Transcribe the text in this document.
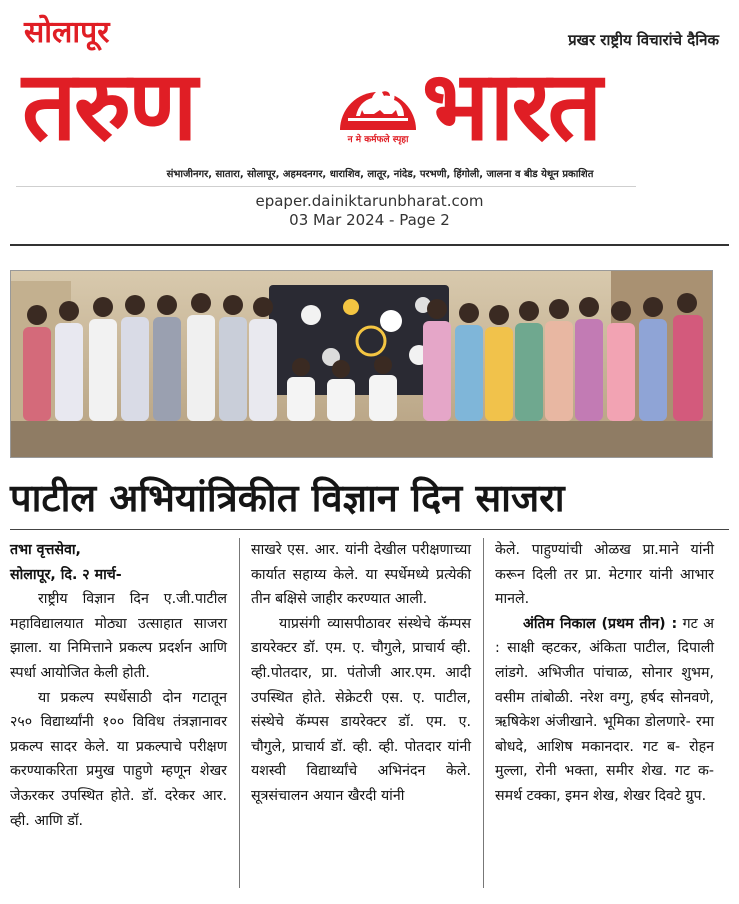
सोलापूर	प्रखर राष्ट्रीय विचारांचे दैनिक
तरुण	न मे कर्मफले स्पृहा भारत
संभाजीनगर, सातारा, सोलापूर, अहमदनगर, धाराशिव, लातूर, नांदेड, परभणी, हिंगोली, जालना व बीड येथून प्रकाशित
epaper.dainiktarunbharat.com
03 Mar 2024 - Page 2
पाटील अभियांत्रिकीत विज्ञान दिन साजरा

तभा वृत्तसेवा,

सोलापूर, दि. २ मार्च-

राष्ट्रीय विज्ञान दिन ए.जी.पाटील महाविद्यालयात मोठ्या उत्साहात साजरा झाला. या निमित्ताने प्रकल्प प्रदर्शन आणि स्पर्धा आयोजित केली होती.

या प्रकल्प स्पर्धेसाठी दोन गटातून २५० विद्यार्थ्यांनी १०० विविध तंत्रज्ञानावर प्रकल्प सादर केले. या प्रकल्पाचे परीक्षण करण्याकरिता प्रमुख पाहुणे म्हणून शेखर जेऊरकर उपस्थित होते. डॉ. दरेकर आर. व्ही. आणि डॉ.

साखरे एस. आर. यांनी देखील परीक्षणाच्या कार्यात सहाय्य केले. या स्पर्धेमध्ये प्रत्येकी तीन बक्षिसे जाहीर करण्यात आली.

याप्रसंगी व्यासपीठावर संस्थेचे कॅम्पस डायरेक्टर डॉ. एम. ए. चौगुले, प्राचार्य व्ही. व्ही.पोतदार, प्रा. पंतोजी आर.एम. आदी उपस्थित होते. सेक्रेटरी एस. ए. पाटील, संस्थेचे कॅम्पस डायरेक्टर डॉ. एम. ए. चौगुले, प्राचार्य डॉ. व्ही. व्ही. पोतदार यांनी यशस्वी विद्यार्थ्यांचे अभिनंदन केले. सूत्रसंचालन अयान खैरदी यांनी

केले. पाहुण्यांची ओळख प्रा.माने यांनी करून दिली तर प्रा. मेटगार यांनी आभार मानले.

अंतिम निकाल (प्रथम तीन) : गट अ : साक्षी व्हटकर, अंकिता पाटील, दिपाली लांडगे. अभिजीत पांचाळ, सोनार शुभम, वसीम तांबोळी. नरेश वग्गु, हर्षद सोनवणे, ऋषिकेश अंजीखाने. भूमिका डोलणारे- रमा बोधदे, आशिष मकानदार. गट ब- रोहन मुल्ला, रोनी भक्ता, समीर शेख. गट क- समर्थ टक्का, इमन शेख, शेखर दिवटे ग्रुप.
